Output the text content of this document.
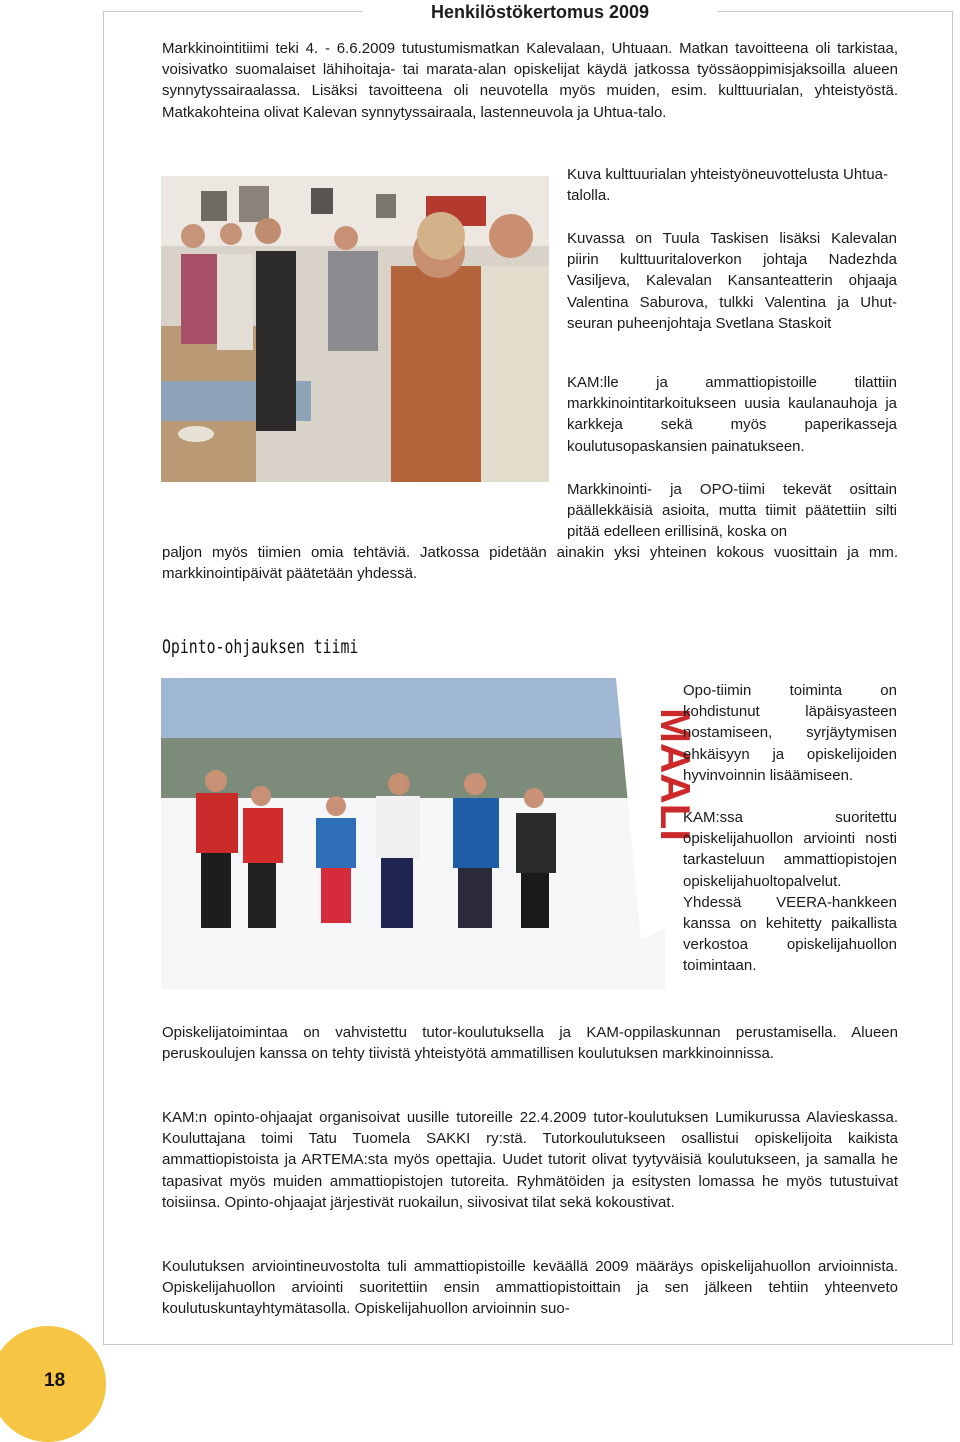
Henkilöstökertomus 2009

Markkinointitiimi teki 4. - 6.6.2009 tutustumismatkan Kalevalaan, Uhtuaan. Matkan tavoitteena oli tarkistaa, voisivatko suomalaiset lähihoitaja- tai marata-alan opiskelijat käydä jatkossa työssäoppimisjaksoilla alueen synnytyssairaalassa. Lisäksi tavoitteena oli neuvotella myös muiden, esim. kulttuurialan, yhteistyöstä. Matkakohteina olivat Kalevan synnytyssairaala, lastenneuvola ja Uhtua-talo.

Kuva kulttuurialan yhteistyöneuvottelusta Uhtua-talolla.

Kuvassa on Tuula Taskisen lisäksi Kalevalan piirin kulttuuritaloverkon johtaja Nadezhda Vasiljeva, Kalevalan Kansanteatterin ohjaaja Valentina Saburova, tulkki Valentina ja Uhut-seuran puheenjohtaja Svetlana Staskoit

KAM:lle ja ammattiopistoille tilattiin markkinointitarkoitukseen uusia kaulanauhoja ja karkkeja sekä myös paperikasseja koulutusopaskansien painatukseen.

Markkinointi- ja OPO-tiimi tekevät osittain päällekkäisiä asioita, mutta tiimit päätettiin silti pitää edelleen erillisinä, koska on

paljon myös tiimien omia tehtäviä. Jatkossa pidetään ainakin yksi yhteinen kokous vuosittain ja mm. markkinointipäivät päätetään yhdessä.

Opinto-ohjauksen tiimi
MAALI

Opo-tiimin toiminta on kohdistunut läpäisyasteen nostamiseen, syrjäytymisen ehkäisyyn ja opiskelijoiden hyvinvoinnin lisäämiseen.

KAM:ssa suoritettu opiskelijahuollon arviointi nosti tarkasteluun ammattiopistojen opiskelijahuoltopalvelut. Yhdessä VEERA-hankkeen kanssa on kehitetty paikallista verkostoa opiskelijahuollon toimintaan.

Opiskelijatoimintaa on vahvistettu tutor-koulutuksella ja KAM-oppilaskunnan perustamisella. Alueen peruskoulujen kanssa on tehty tiivistä yhteistyötä ammatillisen koulutuksen markkinoinnissa.

KAM:n opinto-ohjaajat organisoivat uusille tutoreille 22.4.2009 tutor-koulutuksen Lumikurussa Alavieskassa. Kouluttajana toimi Tatu Tuomela SAKKI ry:stä. Tutorkoulutukseen osallistui opiskelijoita kaikista ammattiopistoista ja ARTEMA:sta myös opettajia. Uudet tutorit olivat tyytyväisiä koulutukseen, ja samalla he tapasivat myös muiden ammattiopistojen tutoreita. Ryhmätöiden ja esitysten lomassa he myös tutustuivat toisiinsa. Opinto-ohjaajat järjestivät ruokailun, siivosivat tilat sekä kokoustivat.

Koulutuksen arviointineuvostolta tuli ammattiopistoille keväällä 2009 määräys opiskelijahuollon arvioinnista. Opiskelijahuollon arviointi suoritettiin ensin ammattiopistoittain ja sen jälkeen tehtiin yhteenveto koulutuskuntayhtymätasolla. Opiskelijahuollon arvioinnin suo-

18
